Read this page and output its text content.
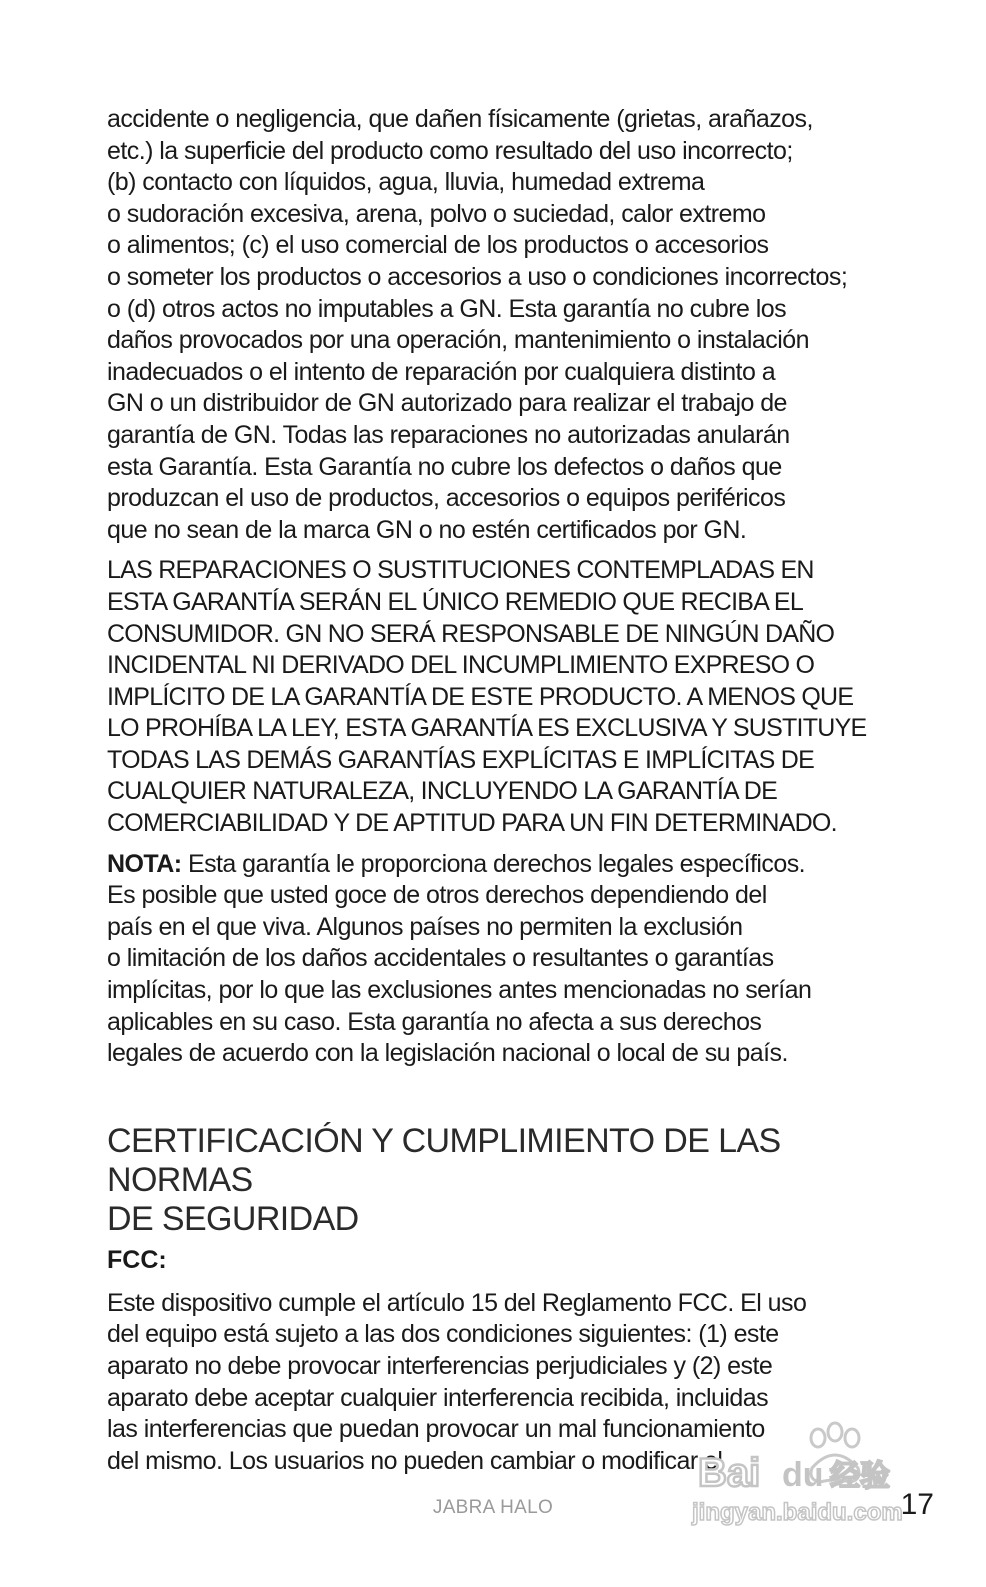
accidente o negligencia, que dañen físicamente (grietas, arañazos,
etc.) la superficie del producto como resultado del uso incorrecto;
(b) contacto con líquidos, agua, lluvia, humedad extrema
o sudoración excesiva, arena, polvo o suciedad, calor extremo
o alimentos; (c) el uso comercial de los productos o accesorios
o someter los productos o accesorios a uso o condiciones incorrectos;
o (d) otros actos no imputables a GN. Esta garantía no cubre los
daños provocados por una operación, mantenimiento o instalación
inadecuados o el intento de reparación por cualquiera distinto a
GN o un distribuidor de GN autorizado para realizar el trabajo de
garantía de GN. Todas las reparaciones no autorizadas anularán
esta Garantía. Esta Garantía no cubre los defectos o daños que
produzcan el uso de productos, accesorios o equipos periféricos
que no sean de la marca GN o no estén certificados por GN.

LAS REPARACIONES O SUSTITUCIONES CONTEMPLADAS EN
ESTA GARANTÍA SERÁN EL ÚNICO REMEDIO QUE RECIBA EL
CONSUMIDOR. GN NO SERÁ RESPONSABLE DE NINGÚN DAÑO
INCIDENTAL NI DERIVADO DEL INCUMPLIMIENTO EXPRESO O
IMPLÍCITO DE LA GARANTÍA DE ESTE PRODUCTO. A MENOS QUE
LO PROHÍBA LA LEY, ESTA GARANTÍA ES EXCLUSIVA Y SUSTITUYE
TODAS LAS DEMÁS GARANTÍAS EXPLÍCITAS E IMPLÍCITAS DE
CUALQUIER NATURALEZA, INCLUYENDO LA GARANTÍA DE
COMERCIABILIDAD Y DE APTITUD PARA UN FIN DETERMINADO.

NOTA: Esta garantía le proporciona derechos legales específicos.
Es posible que usted goce de otros derechos dependiendo del
país en el que viva. Algunos países no permiten la exclusión
o limitación de los daños accidentales o resultantes o garantías
implícitas, por lo que las exclusiones antes mencionadas no serían
aplicables en su caso. Esta garantía no afecta a sus derechos
legales de acuerdo con la legislación nacional o local de su país.

CERTIFICACIÓN Y CUMPLIMIENTO DE LAS NORMAS
DE SEGURIDAD
FCC:

Este dispositivo cumple el artículo 15 del Reglamento FCC. El uso
del equipo está sujeto a las dos condiciones siguientes: (1) este
aparato no debe provocar interferencias perjudiciales y (2) este
aparato debe aceptar cualquier interferencia recibida, incluidas
las interferencias que puedan provocar un mal funcionamiento
del mismo. Los usuarios no pueden cambiar o modificar el

JABRA HALO	17
Bai du 经验
jingyan.baidu.com
